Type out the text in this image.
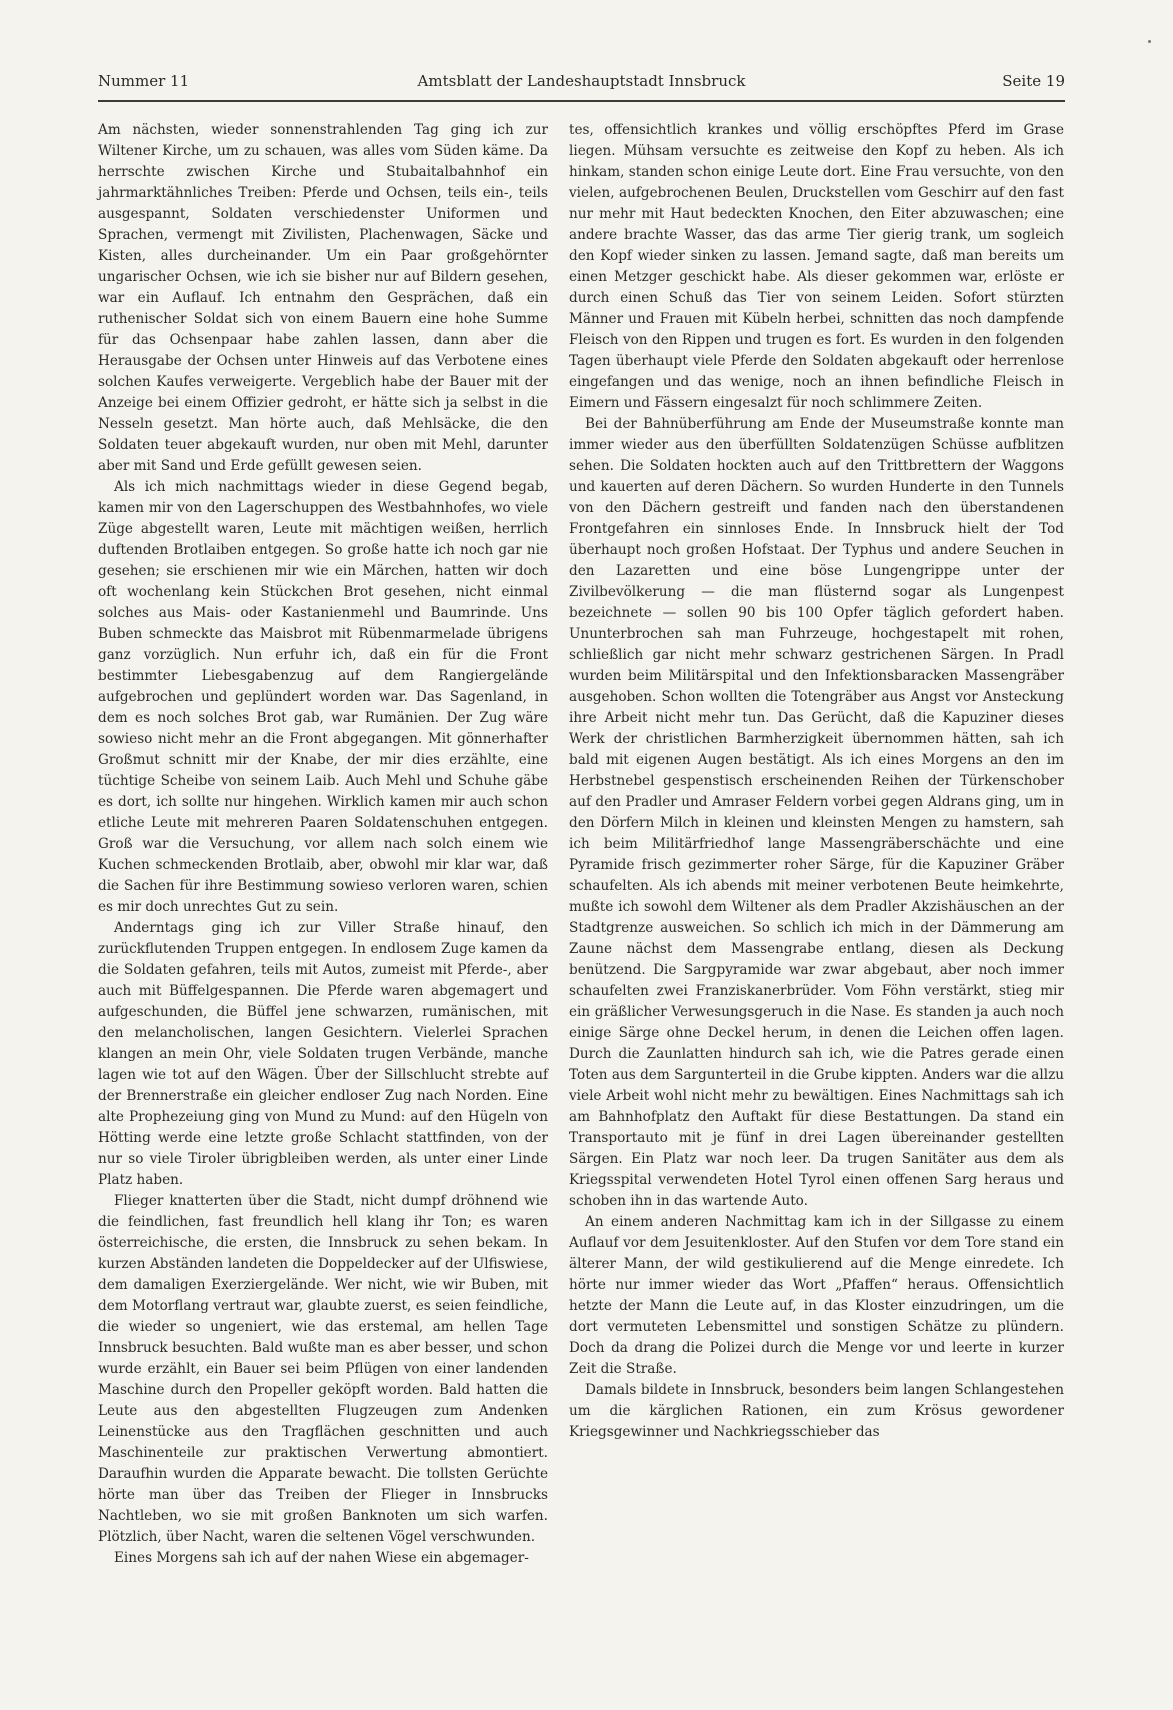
Nummer 11	Amtsblatt der Landeshauptstadt Innsbruck	Seite 19

Am nächsten, wieder sonnenstrahlenden Tag ging ich zur Wiltener Kirche, um zu schauen, was alles vom Süden käme. Da herrschte zwischen Kirche und Stubaitalbahnhof ein jahrmarktähnliches Treiben: Pferde und Ochsen, teils ein-, teils ausgespannt, Soldaten verschiedenster Uniformen und Sprachen, vermengt mit Zivilisten, Plachenwagen, Säcke und Kisten, alles durcheinander. Um ein Paar großgehörnter ungarischer Ochsen, wie ich sie bisher nur auf Bildern gesehen, war ein Auflauf. Ich entnahm den Gesprächen, daß ein ruthenischer Soldat sich von einem Bauern eine hohe Summe für das Ochsenpaar habe zahlen lassen, dann aber die Herausgabe der Ochsen unter Hinweis auf das Verbotene eines solchen Kaufes verweigerte. Vergeblich habe der Bauer mit der Anzeige bei einem Offizier gedroht, er hätte sich ja selbst in die Nesseln gesetzt. Man hörte auch, daß Mehlsäcke, die den Soldaten teuer abgekauft wurden, nur oben mit Mehl, darunter aber mit Sand und Erde gefüllt gewesen seien.

Als ich mich nachmittags wieder in diese Gegend begab, kamen mir von den Lagerschuppen des Westbahnhofes, wo viele Züge abgestellt waren, Leute mit mächtigen weißen, herrlich duftenden Brotlaiben entgegen. So große hatte ich noch gar nie gesehen; sie erschienen mir wie ein Märchen, hatten wir doch oft wochenlang kein Stückchen Brot gesehen, nicht einmal solches aus Mais- oder Kastanienmehl und Baumrinde. Uns Buben schmeckte das Maisbrot mit Rübenmarmelade übrigens ganz vorzüglich. Nun erfuhr ich, daß ein für die Front bestimmter Liebesgabenzug auf dem Rangiergelände aufgebrochen und geplündert worden war. Das Sagenland, in dem es noch solches Brot gab, war Rumänien. Der Zug wäre sowieso nicht mehr an die Front abgegangen. Mit gönnerhafter Großmut schnitt mir der Knabe, der mir dies erzählte, eine tüchtige Scheibe von seinem Laib. Auch Mehl und Schuhe gäbe es dort, ich sollte nur hingehen. Wirklich kamen mir auch schon etliche Leute mit mehreren Paaren Soldatenschuhen entgegen. Groß war die Versuchung, vor allem nach solch einem wie Kuchen schmeckenden Brotlaib, aber, obwohl mir klar war, daß die Sachen für ihre Bestimmung sowieso verloren waren, schien es mir doch unrechtes Gut zu sein.

Anderntags ging ich zur Viller Straße hinauf, den zurückflutenden Truppen entgegen. In endlosem Zuge kamen da die Soldaten gefahren, teils mit Autos, zumeist mit Pferde-, aber auch mit Büffelgespannen. Die Pferde waren abgemagert und aufgeschunden, die Büffel jene schwarzen, rumänischen, mit den melancholischen, langen Gesichtern. Vielerlei Sprachen klangen an mein Ohr, viele Soldaten trugen Verbände, manche lagen wie tot auf den Wägen. Über der Sillschlucht strebte auf der Brennerstraße ein gleicher endloser Zug nach Norden. Eine alte Prophezeiung ging von Mund zu Mund: auf den Hügeln von Hötting werde eine letzte große Schlacht stattfinden, von der nur so viele Tiroler übrigbleiben werden, als unter einer Linde Platz haben.

Flieger knatterten über die Stadt, nicht dumpf dröhnend wie die feindlichen, fast freundlich hell klang ihr Ton; es waren österreichische, die ersten, die Innsbruck zu sehen bekam. In kurzen Abständen landeten die Doppeldecker auf der Ulfiswiese, dem damaligen Exerziergelände. Wer nicht, wie wir Buben, mit dem Motorflang vertraut war, glaubte zuerst, es seien feindliche, die wieder so ungeniert, wie das erstemal, am hellen Tage Innsbruck besuchten. Bald wußte man es aber besser, und schon wurde erzählt, ein Bauer sei beim Pflügen von einer landenden Maschine durch den Propeller geköpft worden. Bald hatten die Leute aus den abgestellten Flugzeugen zum Andenken Leinenstücke aus den Tragflächen geschnitten und auch Maschinenteile zur praktischen Verwertung abmontiert. Daraufhin wurden die Apparate bewacht. Die tollsten Gerüchte hörte man über das Treiben der Flieger in Innsbrucks Nachtleben, wo sie mit großen Banknoten um sich warfen. Plötzlich, über Nacht, waren die seltenen Vögel verschwunden.

Eines Morgens sah ich auf der nahen Wiese ein abgemager-

tes, offensichtlich krankes und völlig erschöpftes Pferd im Grase liegen. Mühsam versuchte es zeitweise den Kopf zu heben. Als ich hinkam, standen schon einige Leute dort. Eine Frau versuchte, von den vielen, aufgebrochenen Beulen, Druckstellen vom Geschirr auf den fast nur mehr mit Haut bedeckten Knochen, den Eiter abzuwaschen; eine andere brachte Wasser, das das arme Tier gierig trank, um sogleich den Kopf wieder sinken zu lassen. Jemand sagte, daß man bereits um einen Metzger geschickt habe. Als dieser gekommen war, erlöste er durch einen Schuß das Tier von seinem Leiden. Sofort stürzten Männer und Frauen mit Kübeln herbei, schnitten das noch dampfende Fleisch von den Rippen und trugen es fort. Es wurden in den folgenden Tagen überhaupt viele Pferde den Soldaten abgekauft oder herrenlose eingefangen und das wenige, noch an ihnen befindliche Fleisch in Eimern und Fässern eingesalzt für noch schlimmere Zeiten.

Bei der Bahnüberführung am Ende der Museumstraße konnte man immer wieder aus den überfüllten Soldatenzügen Schüsse aufblitzen sehen. Die Soldaten hockten auch auf den Trittbrettern der Waggons und kauerten auf deren Dächern. So wurden Hunderte in den Tunnels von den Dächern gestreift und fanden nach den überstandenen Frontgefahren ein sinnloses Ende. In Innsbruck hielt der Tod überhaupt noch großen Hofstaat. Der Typhus und andere Seuchen in den Lazaretten und eine böse Lungengrippe unter der Zivilbevölkerung — die man flüsternd sogar als Lungenpest bezeichnete — sollen 90 bis 100 Opfer täglich gefordert haben. Ununterbrochen sah man Fuhrzeuge, hochgestapelt mit rohen, schließlich gar nicht mehr schwarz gestrichenen Särgen. In Pradl wurden beim Militärspital und den Infektionsbaracken Massengräber ausgehoben. Schon wollten die Totengräber aus Angst vor Ansteckung ihre Arbeit nicht mehr tun. Das Gerücht, daß die Kapuziner dieses Werk der christlichen Barmherzigkeit übernommen hätten, sah ich bald mit eigenen Augen bestätigt. Als ich eines Morgens an den im Herbstnebel gespenstisch erscheinenden Reihen der Türkenschober auf den Pradler und Amraser Feldern vorbei gegen Aldrans ging, um in den Dörfern Milch in kleinen und kleinsten Mengen zu hamstern, sah ich beim Militärfriedhof lange Massengräberschächte und eine Pyramide frisch gezimmerter roher Särge, für die Kapuziner Gräber schaufelten. Als ich abends mit meiner verbotenen Beute heimkehrte, mußte ich sowohl dem Wiltener als dem Pradler Akzishäuschen an der Stadtgrenze ausweichen. So schlich ich mich in der Dämmerung am Zaune nächst dem Massengrabe entlang, diesen als Deckung benützend. Die Sargpyramide war zwar abgebaut, aber noch immer schaufelten zwei Franziskanerbrüder. Vom Föhn verstärkt, stieg mir ein gräßlicher Verwesungsgeruch in die Nase. Es standen ja auch noch einige Särge ohne Deckel herum, in denen die Leichen offen lagen. Durch die Zaunlatten hindurch sah ich, wie die Patres gerade einen Toten aus dem Sargunterteil in die Grube kippten. Anders war die allzu viele Arbeit wohl nicht mehr zu bewältigen. Eines Nachmittags sah ich am Bahnhofplatz den Auftakt für diese Bestattungen. Da stand ein Transportauto mit je fünf in drei Lagen übereinander gestellten Särgen. Ein Platz war noch leer. Da trugen Sanitäter aus dem als Kriegsspital verwendeten Hotel Tyrol einen offenen Sarg heraus und schoben ihn in das wartende Auto.

An einem anderen Nachmittag kam ich in der Sillgasse zu einem Auflauf vor dem Jesuitenkloster. Auf den Stufen vor dem Tore stand ein älterer Mann, der wild gestikulierend auf die Menge einredete. Ich hörte nur immer wieder das Wort „Pfaffen“ heraus. Offensichtlich hetzte der Mann die Leute auf, in das Kloster einzudringen, um die dort vermuteten Lebensmittel und sonstigen Schätze zu plündern. Doch da drang die Polizei durch die Menge vor und leerte in kurzer Zeit die Straße.

Damals bildete in Innsbruck, besonders beim langen Schlangestehen um die kärglichen Rationen, ein zum Krösus gewordener Kriegsgewinner und Nachkriegsschieber das
